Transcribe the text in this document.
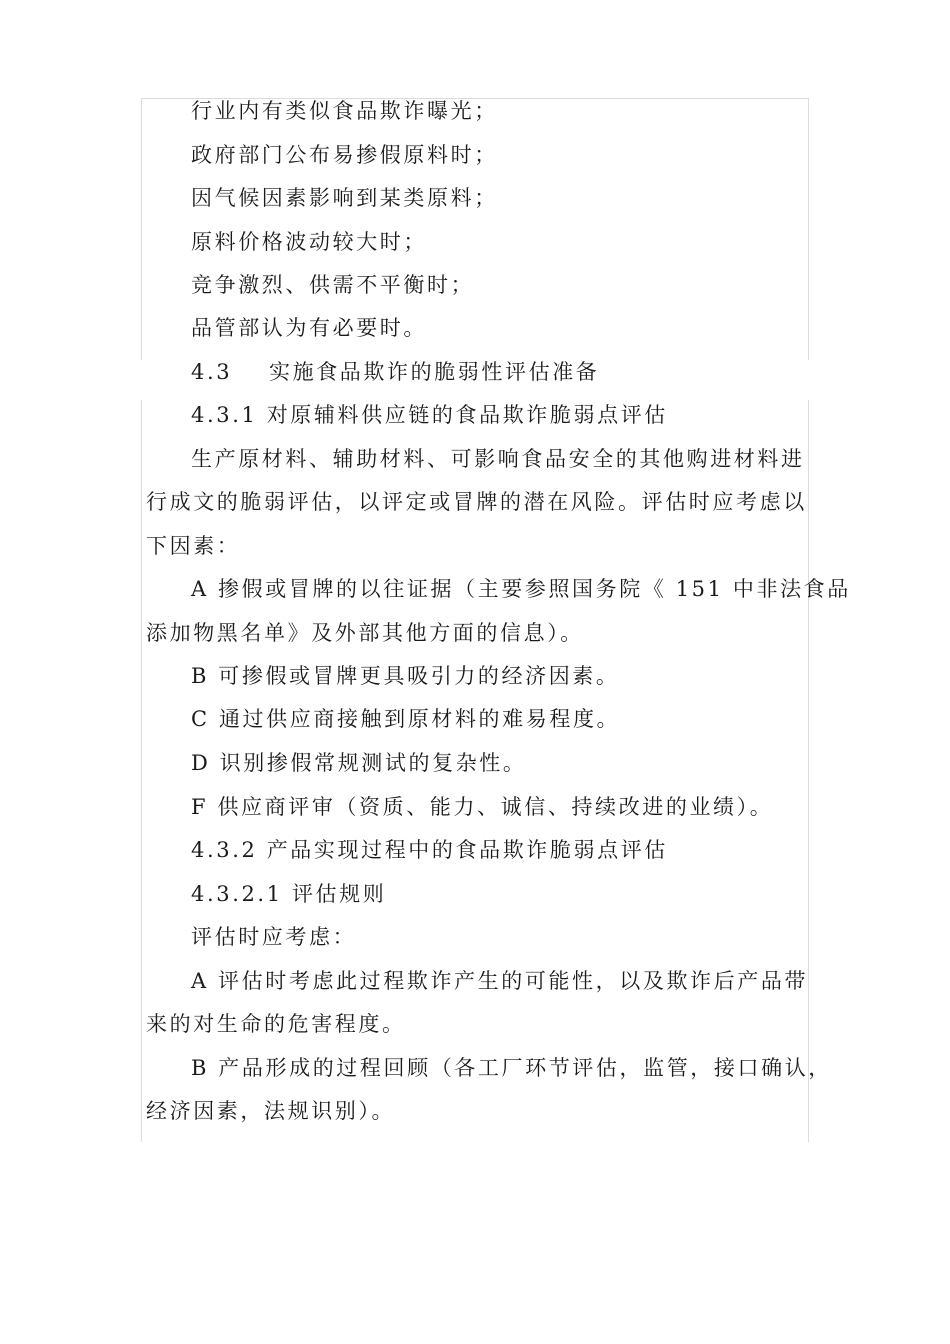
行业内有类似食品欺诈曝光；
政府部门公布易掺假原料时；
因气候因素影响到某类原料；
原料价格波动较大时；
竞争激烈、供需不平衡时；
品管部认为有必要时。
4.3 实施食品欺诈的脆弱性评估准备
4.3.1 对原辅料供应链的食品欺诈脆弱点评估
生产原材料、辅助材料、可影响食品安全的其他购进材料进
行成文的脆弱评估，以评定或冒牌的潜在风险。评估时应考虑以
下因素：
A 掺假或冒牌的以往证据（主要参照国务院《 151 中非法食品
添加物黑名单》及外部其他方面的信息）。
B 可掺假或冒牌更具吸引力的经济因素。
C 通过供应商接触到原材料的难易程度。
D 识别掺假常规测试的复杂性。
F 供应商评审（资质、能力、诚信、持续改进的业绩）。
4.3.2 产品实现过程中的食品欺诈脆弱点评估
4.3.2.1 评估规则
评估时应考虑：
A 评估时考虑此过程欺诈产生的可能性，以及欺诈后产品带
来的对生命的危害程度。
B 产品形成的过程回顾（各工厂环节评估，监管，接口确认，
经济因素，法规识别）。
